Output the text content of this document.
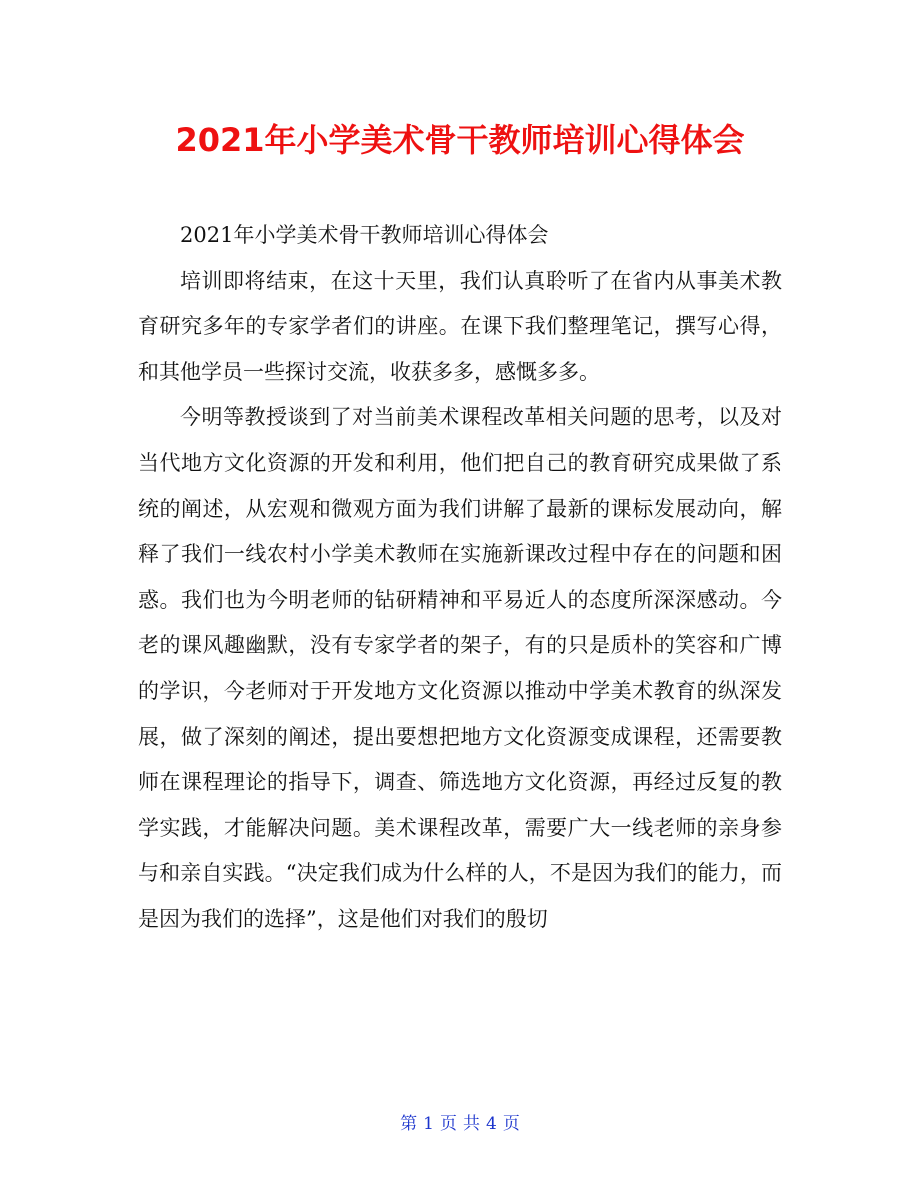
2021年小学美术骨干教师培训心得体会

2021年小学美术骨干教师培训心得体会

培训即将结束，在这十天里，我们认真聆听了在省内从事美术教育研究多年的专家学者们的讲座。在课下我们整理笔记，撰写心得，和其他学员一些探讨交流，收获多多，感慨多多。

今明等教授谈到了对当前美术课程改革相关问题的思考，以及对当代地方文化资源的开发和利用，他们把自己的教育研究成果做了系统的阐述，从宏观和微观方面为我们讲解了最新的课标发展动向，解释了我们一线农村小学美术教师在实施新课改过程中存在的问题和困惑。我们也为今明老师的钻研精神和平易近人的态度所深深感动。今老的课风趣幽默，没有专家学者的架子，有的只是质朴的笑容和广博的学识，今老师对于开发地方文化资源以推动中学美术教育的纵深发展，做了深刻的阐述，提出要想把地方文化资源变成课程，还需要教师在课程理论的指导下，调查、筛选地方文化资源，再经过反复的教学实践，才能解决问题。美术课程改革，需要广大一线老师的亲身参与和亲自实践。“决定我们成为什么样的人，不是因为我们的能力，而是因为我们的选择”，这是他们对我们的殷切

第 1 页 共 4 页
